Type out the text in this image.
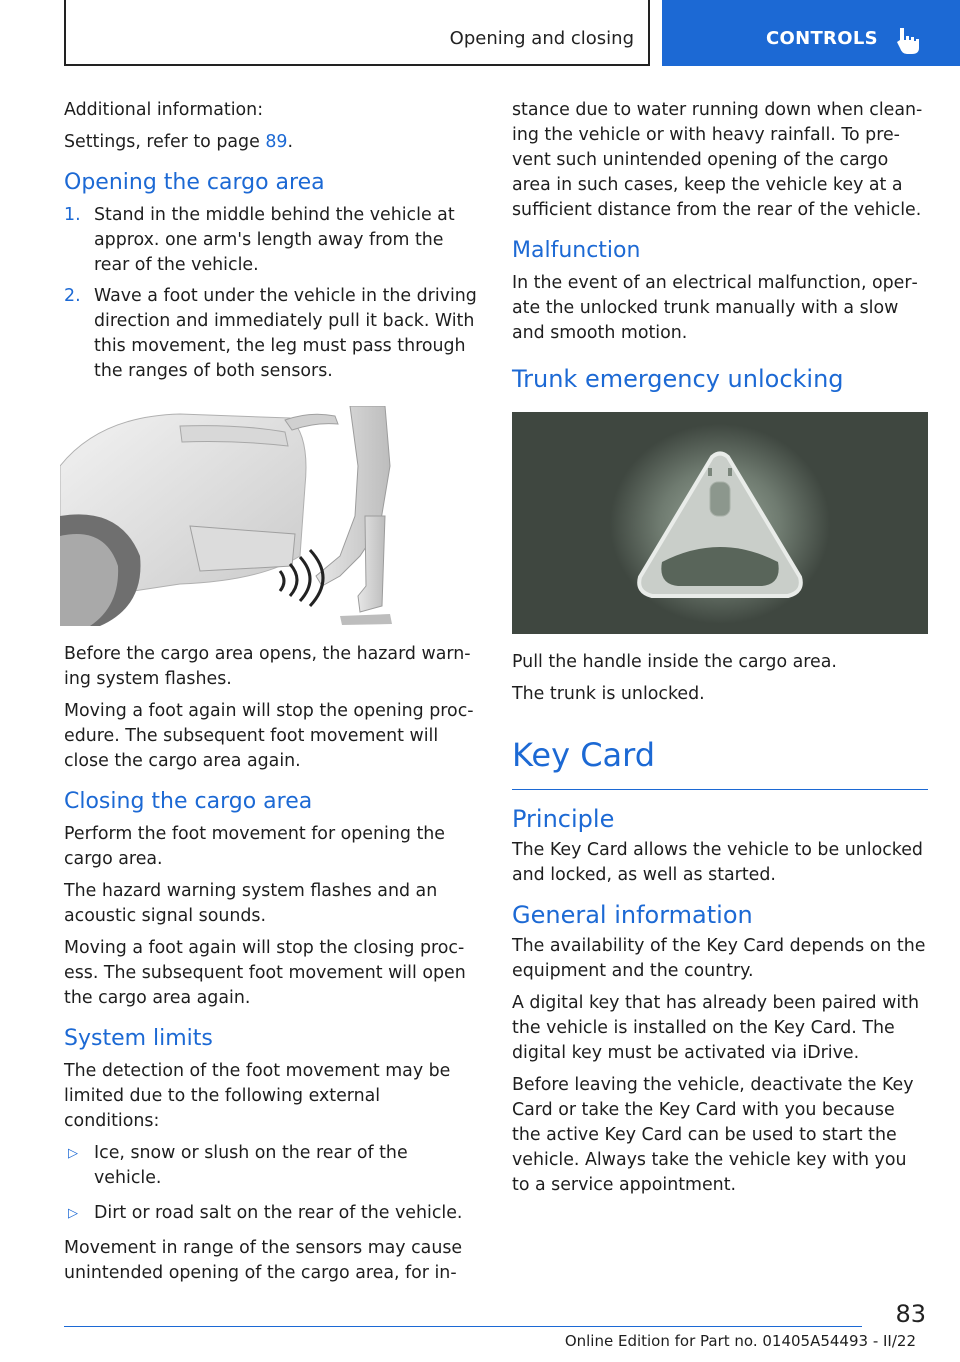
Opening and closing	CONTROLS

Additional information:

Settings, refer to page 89.

Opening the cargo area
1. Stand in the middle behind the vehicle at approx. one arm's length away from the rear of the vehicle.
2. Wave a foot under the vehicle in the driving direction and immediately pull it back. With this movement, the leg must pass through the ranges of both sensors.

Before the cargo area opens, the hazard warn‐ing system flashes.

Moving a foot again will stop the opening proc‐edure. The subsequent foot movement will close the cargo area again.

Closing the cargo area

Perform the foot movement for opening the cargo area.

The hazard warning system flashes and an acoustic signal sounds.

Moving a foot again will stop the closing proc‐ess. The subsequent foot movement will open the cargo area again.

System limits

The detection of the foot movement may be limited due to the following external conditions:

▷ Ice, snow or slush on the rear of the vehicle.
▷ Dirt or road salt on the rear of the vehicle.

Movement in range of the sensors may cause unintended opening of the cargo area, for in‐

stance due to water running down when clean‐ing the vehicle or with heavy rainfall. To pre‐vent such unintended opening of the cargo area in such cases, keep the vehicle key at a sufficient distance from the rear of the vehicle.

Malfunction

In the event of an electrical malfunction, oper‐ate the unlocked trunk manually with a slow and smooth motion.

Trunk emergency unlocking

Pull the handle inside the cargo area.

The trunk is unlocked.

Key Card
Principle

The Key Card allows the vehicle to be unlocked and locked, as well as started.

General information

The availability of the Key Card depends on the equipment and the country.

A digital key that has already been paired with the vehicle is installed on the Key Card. The digital key must be activated via iDrive.

Before leaving the vehicle, deactivate the Key Card or take the Key Card with you because the active Key Card can be used to start the vehicle. Always take the vehicle key with you to a service appointment.

83
Online Edition for Part no. 01405A54493 - II/22
